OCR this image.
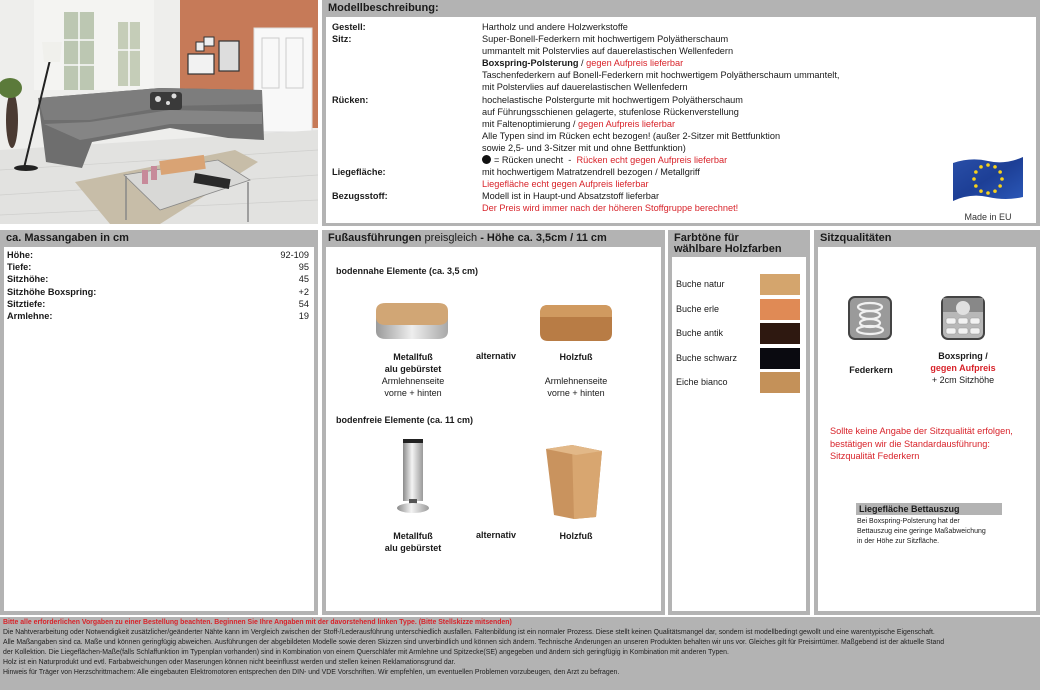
Modellbeschreibung:
Gestell:	Hartholz und andere Holzwerkstoffe
Sitz:	Super-Bonell-Federkern mit hochwertigem Polyätherschaum
ummantelt mit Polstervlies auf dauerelastischen Wellenfedern
Boxspring-Polsterung / gegen Aufpreis lieferbar
Taschenfederkern auf Bonell-Federkern mit hochwertigem Polyätherschaum ummantelt,
mit Polstervlies auf dauerelastischen Wellenfedern
Rücken:	hochelastische Polstergurte mit hochwertigem Polyätherschaum
auf Führungsschienen gelagerte, stufenlose Rückenverstellung
mit Faltenoptimierung / gegen Aufpreis lieferbar
Alle Typen sind im Rücken echt bezogen! (außer 2-Sitzer mit Bettfunktion
sowie 2,5- und 3-Sitzer mit und ohne Bettfunktion)
= Rücken unecht  -  Rücken echt gegen Aufpreis lieferbar
Liegefläche:	mit hochwertigem Matratzendrell bezogen / Metallgriff
Liegefläche echt gegen Aufpreis lieferbar
Bezugsstoff:	Modell ist in Haupt-und Absatzstoff lieferbar
Der Preis wird immer nach der höheren Stoffgruppe berechnet!
Made in EU
ca. Massangaben in cm
Höhe:	92-109
Tiefe:	95
Sitzhöhe:	45
Sitzhöhe Boxspring:	+2
Sitztiefe:	54
Armlehne:	19
Fußausführungen preisgleich - Höhe ca. 3,5cm / 11 cm
bodennahe Elemente (ca. 3,5 cm)
Metallfuß
alu gebürstet
Armlehnenseite
vorne + hinten
alternativ	Holzfuß

Armlehnenseite
vorne + hinten
bodenfreie Elemente (ca. 11 cm)
Metallfuß
alu gebürstet
alternativ	Holzfuß
Farbtöne für
wählbare Holzfarben
Buche natur
Buche erle
Buche antik
Buche schwarz
Eiche bianco
Sitzqualitäten
Federkern
Boxspring /
gegen Aufpreis
+ 2cm Sitzhöhe
Sollte keine Angabe der Sitzqualität erfolgen,
bestätigen wir die Standardausführung:
Sitzqualität Federkern
Liegefläche Bettauszug
Bei Boxspring-Polsterung hat der
Bettauszug eine geringe Maßabweichung
in der Höhe zur Sitzfläche.
Bitte alle erforderlichen Vorgaben zu einer Bestellung beachten. Beginnen Sie Ihre Angaben mit der davorstehend linken Type. (Bitte Stellskizze mitsenden)
Die Nahtverarbeitung oder Notwendigkeit zusätzlicher/geänderter Nähte kann im Vergleich zwischen der Stoff-/Lederausführung unterschiedlich ausfallen. Faltenbildung ist ein normaler Prozess. Diese stellt keinen Qualitätsmangel dar, sondern ist modellbedingt gewollt und eine warentypische Eigenschaft.
Alle Maßangaben sind ca. Maße und können geringfügig abweichen. Ausführungen der abgebildeten Modelle sowie deren Skizzen sind unverbindlich und können sich ändern. Technische Änderungen an unseren Produkten behalten wir uns vor. Gleiches gilt für Preisirrtümer. Maßgebend ist der aktuelle Stand
der Kollektion. Die Liegeflächen-Maße(falls Schlaffunktion im Typenplan vorhanden) sind in Kombination von einem Querschläfer mit Armlehne und Spitzecke(SE) angegeben und ändern sich geringfügig in Kombination mit anderen Typen.
Holz ist ein Naturprodukt und evtl. Farbabweichungen oder Maserungen können nicht beeinflusst werden und stellen keinen Reklamationsgrund dar.
Hinweis für Träger von Herzschrittmachern: Alle eingebauten Elektromotoren entsprechen den DIN- und VDE Vorschriften. Wir empfehlen, um eventuellen Problemen vorzubeugen, den Arzt zu befragen.
